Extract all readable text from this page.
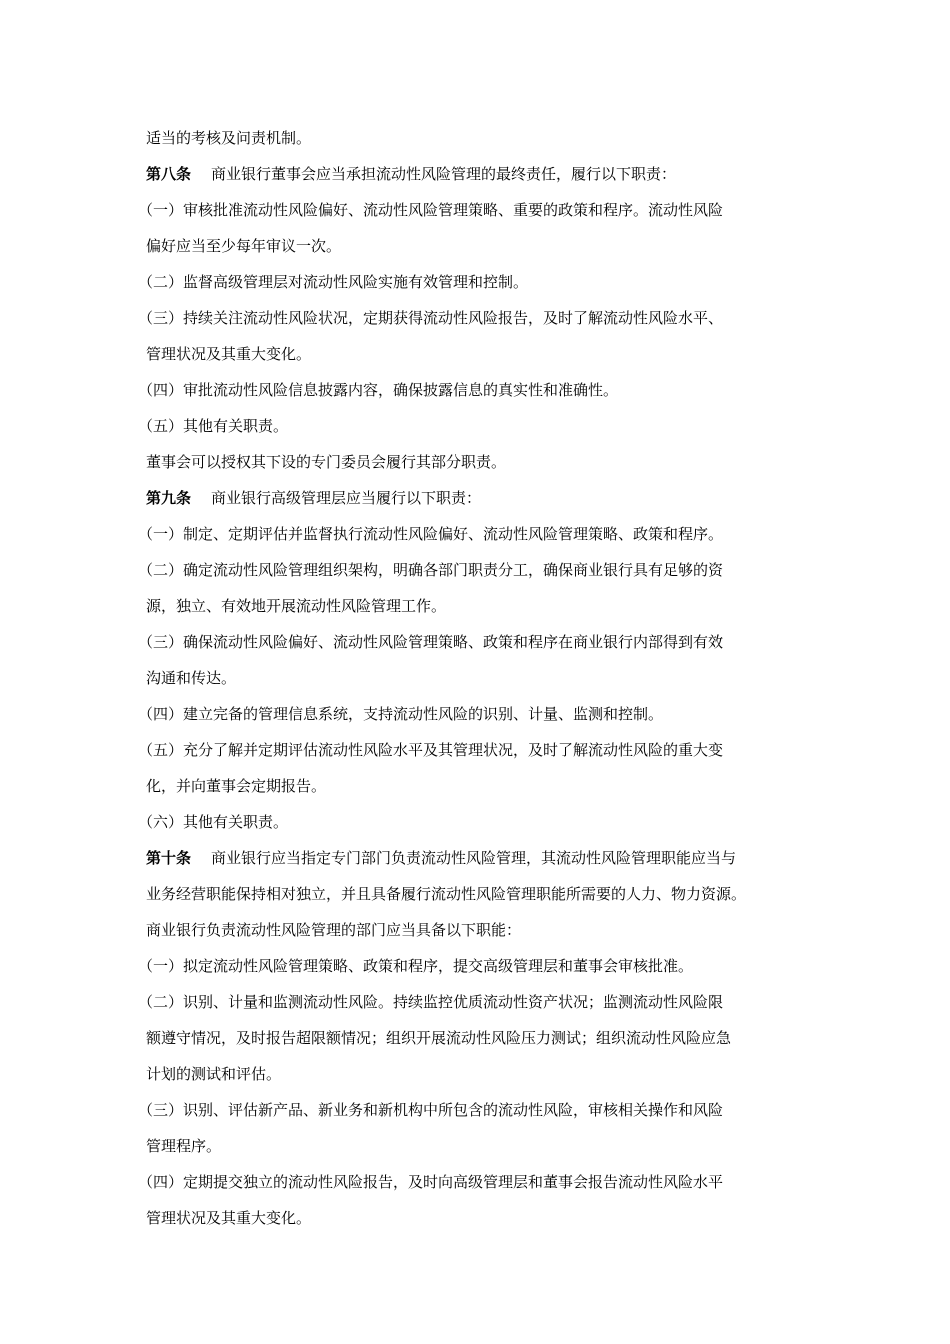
适当的考核及问责机制。
第八条 商业银行董事会应当承担流动性风险管理的最终责任，履行以下职责：
（一）审核批准流动性风险偏好、流动性风险管理策略、重要的政策和程序。流动性风险
偏好应当至少每年审议一次。
（二）监督高级管理层对流动性风险实施有效管理和控制。
（三）持续关注流动性风险状况，定期获得流动性风险报告，及时了解流动性风险水平、
管理状况及其重大变化。
（四）审批流动性风险信息披露内容，确保披露信息的真实性和准确性。
（五）其他有关职责。
董事会可以授权其下设的专门委员会履行其部分职责。
第九条 商业银行高级管理层应当履行以下职责：
（一）制定、定期评估并监督执行流动性风险偏好、流动性风险管理策略、政策和程序。
（二）确定流动性风险管理组织架构，明确各部门职责分工，确保商业银行具有足够的资
源，独立、有效地开展流动性风险管理工作。
（三）确保流动性风险偏好、流动性风险管理策略、政策和程序在商业银行内部得到有效
沟通和传达。
（四）建立完备的管理信息系统，支持流动性风险的识别、计量、监测和控制。
（五）充分了解并定期评估流动性风险水平及其管理状况，及时了解流动性风险的重大变
化，并向董事会定期报告。
（六）其他有关职责。
第十条 商业银行应当指定专门部门负责流动性风险管理，其流动性风险管理职能应当与
业务经营职能保持相对独立，并且具备履行流动性风险管理职能所需要的人力、物力资源。
商业银行负责流动性风险管理的部门应当具备以下职能：
（一）拟定流动性风险管理策略、政策和程序，提交高级管理层和董事会审核批准。
（二）识别、计量和监测流动性风险。持续监控优质流动性资产状况；监测流动性风险限
额遵守情况，及时报告超限额情况；组织开展流动性风险压力测试；组织流动性风险应急
计划的测试和评估。
（三）识别、评估新产品、新业务和新机构中所包含的流动性风险，审核相关操作和风险
管理程序。
（四）定期提交独立的流动性风险报告，及时向高级管理层和董事会报告流动性风险水平
管理状况及其重大变化。
